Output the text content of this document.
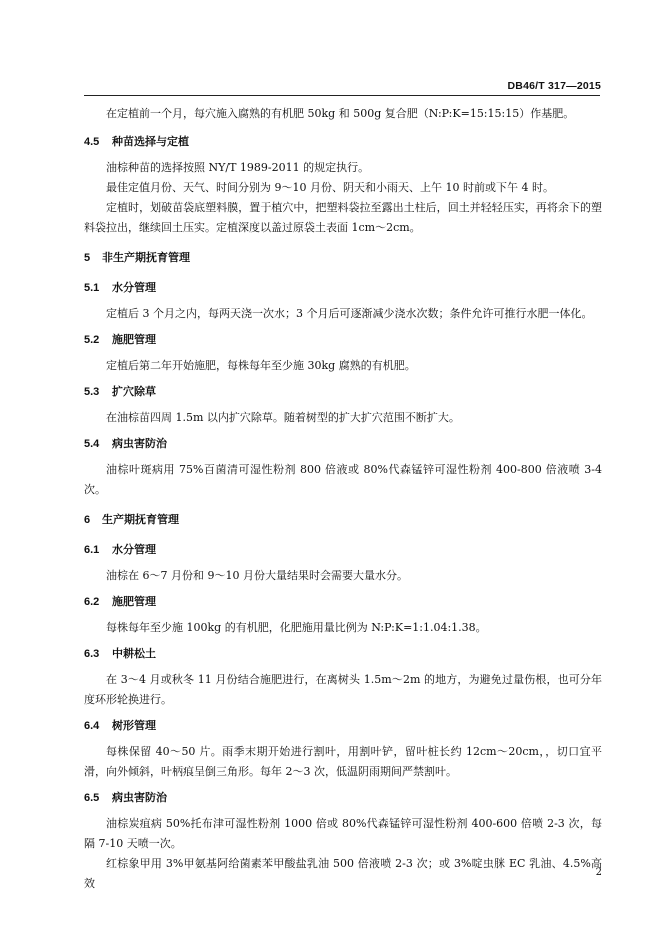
DB46/T 317—2015

在定植前一个月，每穴施入腐熟的有机肥 50kg 和 500g 复合肥（N:P:K=15:15:15）作基肥。

4.5 种苗选择与定植

油棕种苗的选择按照 NY/T 1989-2011 的规定执行。

最佳定值月份、天气、时间分别为 9～10 月份、阴天和小雨天、上午 10 时前或下午 4 时。

定植时，划破苗袋底塑料膜，置于植穴中，把塑料袋拉至露出土柱后，回土并轻轻压实，再将余下的塑料袋拉出，继续回土压实。定植深度以盖过原袋土表面 1cm～2cm。

5 非生产期抚育管理

5.1 水分管理

定植后 3 个月之内，每两天浇一次水；3 个月后可逐渐减少浇水次数；条件允许可推行水肥一体化。

5.2 施肥管理

定植后第二年开始施肥，每株每年至少施 30kg 腐熟的有机肥。

5.3 扩穴除草

在油棕苗四周 1.5m 以内扩穴除草。随着树型的扩大扩穴范围不断扩大。

5.4 病虫害防治

油棕叶斑病用 75%百菌清可湿性粉剂 800 倍液或 80%代森锰锌可湿性粉剂 400-800 倍液喷 3-4 次。

6 生产期抚育管理

6.1 水分管理

油棕在 6～7 月份和 9～10 月份大量结果时会需要大量水分。

6.2 施肥管理

每株每年至少施 100kg 的有机肥，化肥施用量比例为 N:P:K=1:1.04:1.38。

6.3 中耕松土

在 3～4 月或秋冬 11 月份结合施肥进行，在离树头 1.5m～2m 的地方，为避免过量伤根，也可分年度环形轮换进行。

6.4 树形管理

每株保留 40～50 片。雨季末期开始进行割叶，用割叶铲，留叶桩长约 12cm～20cm，，切口宜平滑，向外倾斜，叶柄痕呈倒三角形。每年 2～3 次，低温阴雨期间严禁割叶。

6.5 病虫害防治

油棕炭疽病 50%托布津可湿性粉剂 1000 倍或 80%代森锰锌可湿性粉剂 400-600 倍喷 2-3 次，每隔 7-10 天喷一次。

红棕象甲用 3%甲氨基阿给菌素苯甲酸盐乳油 500 倍液喷 2-3 次；或 3%啶虫脒 EC 乳油、4.5%高效

2
